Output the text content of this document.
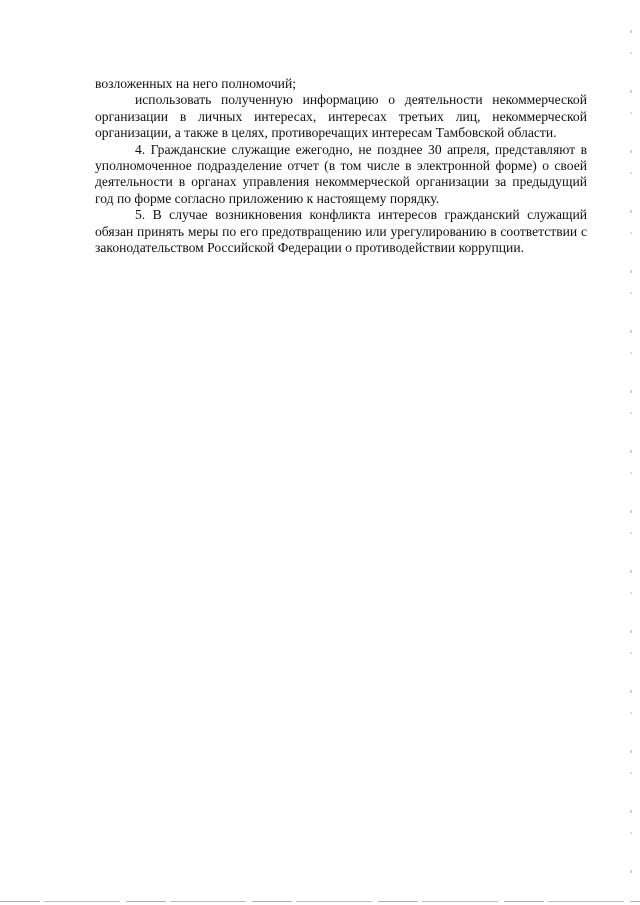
возложенных на него полномочий;

использовать полученную информацию о деятельности некоммерческой организации в личных интересах, интересах третьих лиц, некоммерческой организации, а также в целях, противоречащих интересам Тамбовской области.

4. Гражданские служащие ежегодно, не позднее 30 апреля, представляют в уполномоченное подразделение отчет (в том числе в электронной форме) о своей деятельности в органах управления некоммерческой организации за предыдущий год по форме согласно приложению к настоящему порядку.

5. В случае возникновения конфликта интересов гражданский служащий обязан принять меры по его предотвращению или урегулированию в соответствии с законодательством Российской Федерации о противодействии коррупции.
